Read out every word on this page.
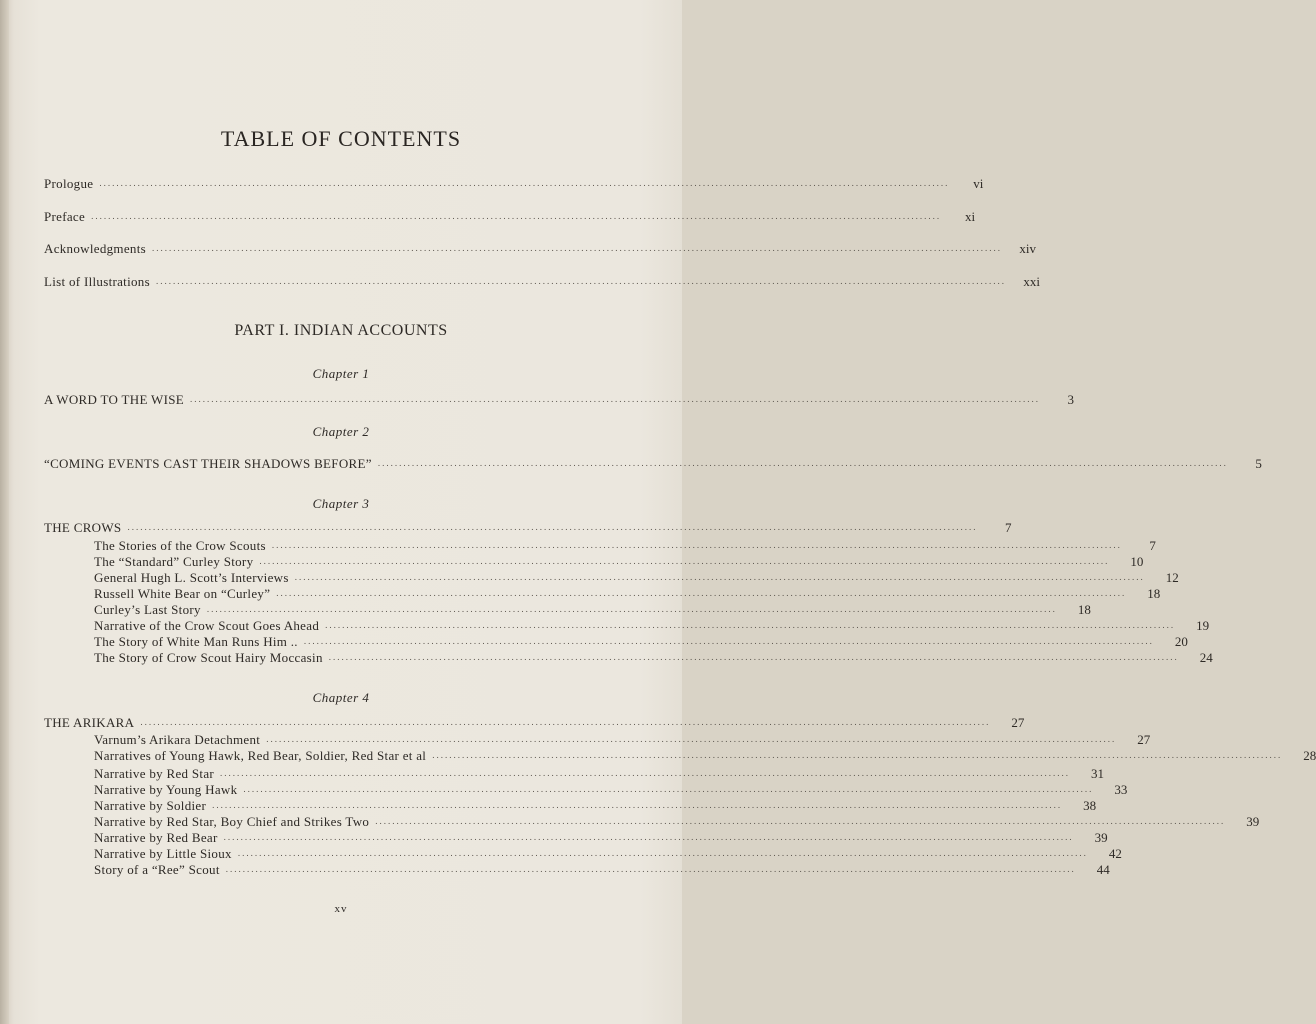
TABLE OF CONTENTS
Prologue ........................................................................................................................................................................................................	vi
Preface ........................................................................................................................................................................................................	xi
Acknowledgments ........................................................................................................................................................................................................	xiv
List of Illustrations ........................................................................................................................................................................................................	xxi
PART I. INDIAN ACCOUNTS
Chapter 1
A WORD TO THE WISE ........................................................................................................................................................................................................	3
Chapter 2
“COMING EVENTS CAST THEIR SHADOWS BEFORE” ........................................................................................................................................................................................................	5
Chapter 3
THE CROWS ........................................................................................................................................................................................................	7
The Stories of the Crow Scouts ........................................................................................................................................................................................................	7
The “Standard” Curley Story ........................................................................................................................................................................................................	10
General Hugh L. Scott’s Interviews ........................................................................................................................................................................................................	12
Russell White Bear on “Curley” ........................................................................................................................................................................................................	18
Curley’s Last Story ........................................................................................................................................................................................................	18
Narrative of the Crow Scout Goes Ahead ........................................................................................................................................................................................................	19
The Story of White Man Runs Him .. ........................................................................................................................................................................................................	20
The Story of Crow Scout Hairy Moccasin ........................................................................................................................................................................................................	24
Chapter 4
THE ARIKARA ........................................................................................................................................................................................................	27
Varnum’s Arikara Detachment ........................................................................................................................................................................................................	27
Narratives of Young Hawk, Red Bear, Soldier, Red Star et al ........................................................................................................................................................................................................	28
Narrative by Red Star ........................................................................................................................................................................................................	31
Narrative by Young Hawk ........................................................................................................................................................................................................	33
Narrative by Soldier ........................................................................................................................................................................................................	38
Narrative by Red Star, Boy Chief and Strikes Two ........................................................................................................................................................................................................	39
Narrative by Red Bear ........................................................................................................................................................................................................	39
Narrative by Little Sioux ........................................................................................................................................................................................................	42
Story of a “Ree” Scout ........................................................................................................................................................................................................	44
xv
